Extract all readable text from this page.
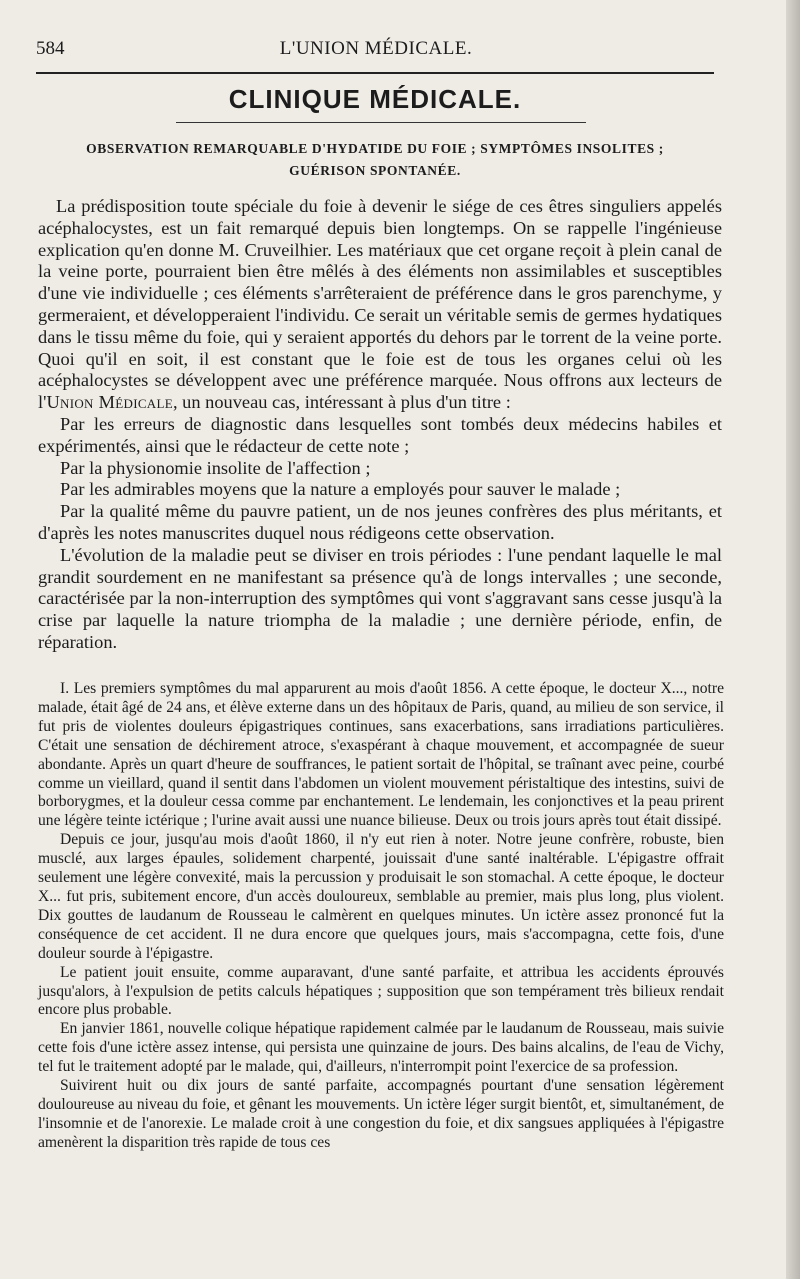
584	L'UNION MÉDICALE.
CLINIQUE MÉDICALE.
OBSERVATION REMARQUABLE D'HYDATIDE DU FOIE ; SYMPTÔMES INSOLITES ;
GUÉRISON SPONTANÉE.

La prédisposition toute spéciale du foie à devenir le siége de ces êtres singuliers appelés acéphalocystes, est un fait remarqué depuis bien longtemps. On se rappelle l'ingénieuse explication qu'en donne M. Cruveilhier. Les matériaux que cet organe reçoit à plein canal de la veine porte, pourraient bien être mêlés à des éléments non assimilables et susceptibles d'une vie individuelle ; ces éléments s'arrêteraient de préférence dans le gros parenchyme, y germeraient, et développeraient l'individu. Ce serait un véritable semis de germes hydatiques dans le tissu même du foie, qui y seraient apportés du dehors par le torrent de la veine porte. Quoi qu'il en soit, il est constant que le foie est de tous les organes celui où les acéphalocystes se développent avec une préférence marquée. Nous offrons aux lecteurs de l'Union Médicale, un nouveau cas, intéressant à plus d'un titre :

Par les erreurs de diagnostic dans lesquelles sont tombés deux médecins habiles et expérimentés, ainsi que le rédacteur de cette note ;

Par la physionomie insolite de l'affection ;

Par les admirables moyens que la nature a employés pour sauver le malade ;

Par la qualité même du pauvre patient, un de nos jeunes confrères des plus méritants, et d'après les notes manuscrites duquel nous rédigeons cette observation.

L'évolution de la maladie peut se diviser en trois périodes : l'une pendant laquelle le mal grandit sourdement en ne manifestant sa présence qu'à de longs intervalles ; une seconde, caractérisée par la non-interruption des symptômes qui vont s'aggravant sans cesse jusqu'à la crise par laquelle la nature triompha de la maladie ; une dernière période, enfin, de réparation.

I. Les premiers symptômes du mal apparurent au mois d'août 1856. A cette époque, le docteur X..., notre malade, était âgé de 24 ans, et élève externe dans un des hôpitaux de Paris, quand, au milieu de son service, il fut pris de violentes douleurs épigastriques continues, sans exacerbations, sans irradiations particulières. C'était une sensation de déchirement atroce, s'exaspérant à chaque mouvement, et accompagnée de sueur abondante. Après un quart d'heure de souffrances, le patient sortait de l'hôpital, se traînant avec peine, courbé comme un vieillard, quand il sentit dans l'abdomen un violent mouvement péristaltique des intestins, suivi de borborygmes, et la douleur cessa comme par enchantement. Le lendemain, les conjonctives et la peau prirent une légère teinte ictérique ; l'urine avait aussi une nuance bilieuse. Deux ou trois jours après tout était dissipé.

Depuis ce jour, jusqu'au mois d'août 1860, il n'y eut rien à noter. Notre jeune confrère, robuste, bien musclé, aux larges épaules, solidement charpenté, jouissait d'une santé inaltérable. L'épigastre offrait seulement une légère convexité, mais la percussion y produisait le son stomachal. A cette époque, le docteur X... fut pris, subitement encore, d'un accès douloureux, semblable au premier, mais plus long, plus violent. Dix gouttes de laudanum de Rousseau le calmèrent en quelques minutes. Un ictère assez prononcé fut la conséquence de cet accident. Il ne dura encore que quelques jours, mais s'accompagna, cette fois, d'une douleur sourde à l'épigastre.

Le patient jouit ensuite, comme auparavant, d'une santé parfaite, et attribua les accidents éprouvés jusqu'alors, à l'expulsion de petits calculs hépatiques ; supposition que son tempérament très bilieux rendait encore plus probable.

En janvier 1861, nouvelle colique hépatique rapidement calmée par le laudanum de Rousseau, mais suivie cette fois d'une ictère assez intense, qui persista une quinzaine de jours. Des bains alcalins, de l'eau de Vichy, tel fut le traitement adopté par le malade, qui, d'ailleurs, n'interrompit point l'exercice de sa profession.

Suivirent huit ou dix jours de santé parfaite, accompagnés pourtant d'une sensation légèrement douloureuse au niveau du foie, et gênant les mouvements. Un ictère léger surgit bientôt, et, simultanément, de l'insomnie et de l'anorexie. Le malade croit à une congestion du foie, et dix sangsues appliquées à l'épigastre amenèrent la disparition très rapide de tous ces
